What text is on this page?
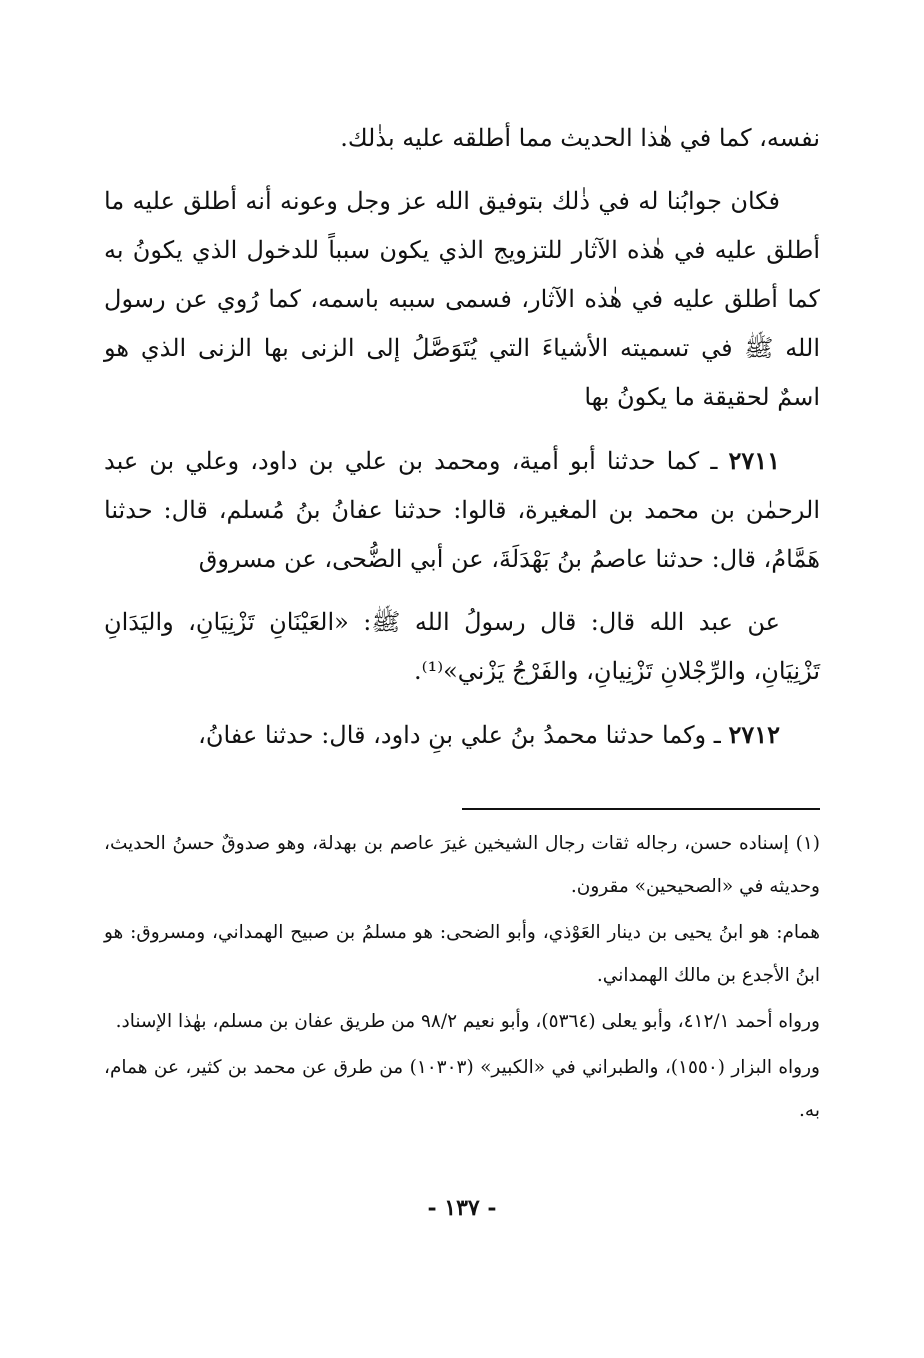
نفسه، كما في هٰذا الحديث مما أطلقه عليه بذٰلك.

فكان جوابُنا له في ذٰلك بتوفيق الله عز وجل وعونه أنه أطلق عليه ما أطلق عليه في هٰذه الآثار للتزويج الذي يكون سبباً للدخول الذي يكونُ به كما أطلق عليه في هٰذه الآثار، فسمى سببه باسمه، كما رُوي عن رسول الله ﷺ في تسميته الأشياءَ التي يُتَوَصَّلُ إلى الزنى بها الزنى الذي هو اسمٌ لحقيقة ما يكونُ بها

٢٧١١ ـ كما حدثنا أبو أمية، ومحمد بن علي بن داود، وعلي بن عبد الرحمٰن بن محمد بن المغيرة، قالوا: حدثنا عفانُ بنُ مُسلم، قال: حدثنا هَمَّامُ، قال: حدثنا عاصمُ بنُ بَهْدَلَةَ، عن أبي الضُّحى، عن مسروق

عن عبد الله قال: قال رسولُ الله ﷺ: «العَيْنَانِ تَزْنِيَانِ، واليَدَانِ تَزْنِيَانِ، والرِّجْلانِ تَزْنِيانِ، والفَرْجُ يَزْني»⁽¹⁾.

٢٧١٢ ـ وكما حدثنا محمدُ بنُ علي بنِ داود، قال: حدثنا عفانُ،

(١) إسناده حسن، رجاله ثقات رجال الشيخين غيرَ عاصم بن بهدلة، وهو صدوقٌ حسنُ الحديث، وحديثه في «الصحيحين» مقرون.

همام: هو ابنُ يحيى بن دينار العَوْذي، وأبو الضحى: هو مسلمُ بن صبيح الهمداني، ومسروق: هو ابنُ الأجدع بن مالك الهمداني.

ورواه أحمد ٤١٢/١، وأبو يعلى (٥٣٦٤)، وأبو نعيم ٩٨/٢ من طريق عفان بن مسلم، بهٰذا الإسناد.

ورواه البزار (١٥٥٠)، والطبراني في «الكبير» (١٠٣٠٣) من طرق عن محمد بن كثير، عن همام، به.

- ١٣٧ -
